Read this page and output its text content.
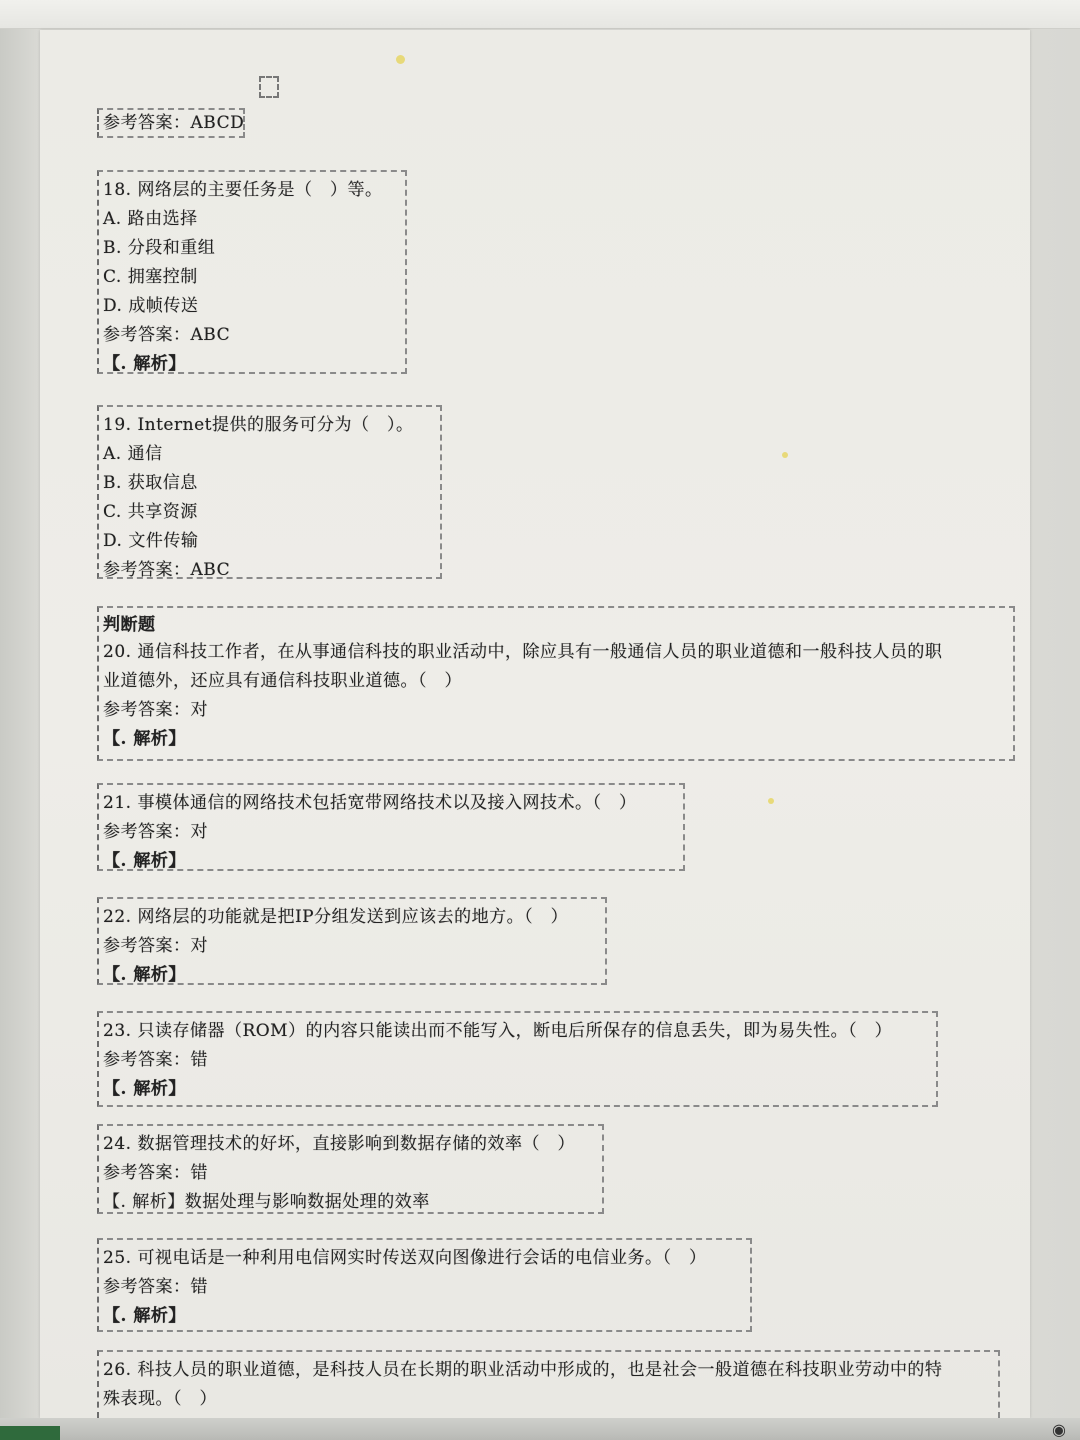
参考答案：ABCD
18. 网络层的主要任务是（　）等。
A. 路由选择
B. 分段和重组
C. 拥塞控制
D. 成帧传送
参考答案：ABC
【. 解析】
19. Internet提供的服务可分为（　）。
A. 通信
B. 获取信息
C. 共享资源
D. 文件传输
参考答案：ABC
判断题
20. 通信科技工作者，在从事通信科技的职业活动中，除应具有一般通信人员的职业道德和一般科技人员的职
业道德外，还应具有通信科技职业道德。（　）
参考答案：对
【. 解析】
21. 事模体通信的网络技术包括宽带网络技术以及接入网技术。（　）
参考答案：对
【. 解析】
22. 网络层的功能就是把IP分组发送到应该去的地方。（　）
参考答案：对
【. 解析】
23. 只读存储器（ROM）的内容只能读出而不能写入，断电后所保存的信息丢失，即为易失性。（　）
参考答案：错
【. 解析】
24. 数据管理技术的好坏，直接影响到数据存储的效率（　）
参考答案：错
【. 解析】数据处理与影响数据处理的效率
25. 可视电话是一种利用电信网实时传送双向图像进行会话的电信业务。（　）
参考答案：错
【. 解析】
26. 科技人员的职业道德，是科技人员在长期的职业活动中形成的，也是社会一般道德在科技职业劳动中的特
殊表现。（　）
◉
